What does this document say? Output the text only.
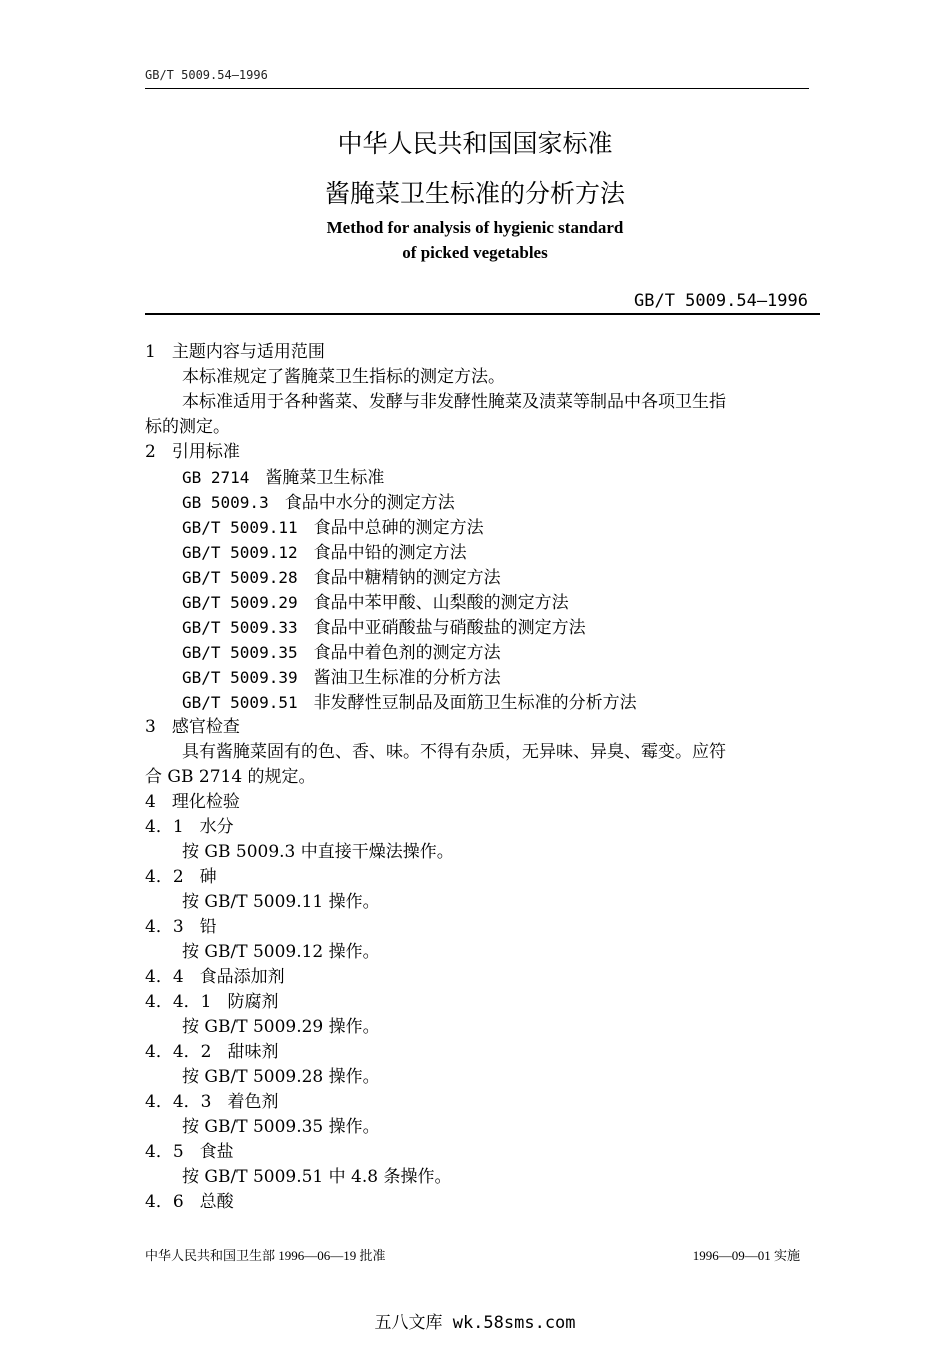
GB/T 5009.54—1996
中华人民共和国国家标准
酱腌菜卫生标准的分析方法
Method for analysis of hygienic standard
of picked vegetables
GB/T 5009.54—1996
1 主题内容与适用范围
本标准规定了酱腌菜卫生指标的测定方法。
本标准适用于各种酱菜、发酵与非发酵性腌菜及渍菜等制品中各项卫生指
标的测定。
2 引用标准
GB 2714 酱腌菜卫生标准
GB 5009.3 食品中水分的测定方法
GB/T 5009.11 食品中总砷的测定方法
GB/T 5009.12 食品中铅的测定方法
GB/T 5009.28 食品中糖精钠的测定方法
GB/T 5009.29 食品中苯甲酸、山梨酸的测定方法
GB/T 5009.33 食品中亚硝酸盐与硝酸盐的测定方法
GB/T 5009.35 食品中着色剂的测定方法
GB/T 5009.39 酱油卫生标准的分析方法
GB/T 5009.51 非发酵性豆制品及面筋卫生标准的分析方法
3 感官检查
具有酱腌菜固有的色、香、味。不得有杂质，无异味、异臭、霉变。应符
合 GB 2714 的规定。
4 理化检验
4．1 水分
按 GB 5009.3 中直接干燥法操作。
4．2 砷
按 GB/T 5009.11 操作。
4．3 铅
按 GB/T 5009.12 操作。
4．4 食品添加剂
4．4．1 防腐剂
按 GB/T 5009.29 操作。
4．4．2 甜味剂
按 GB/T 5009.28 操作。
4．4．3 着色剂
按 GB/T 5009.35 操作。
4．5 食盐
按 GB/T 5009.51 中 4.8 条操作。
4．6 总酸
中华人民共和国卫生部 1996—06—19 批准	1996—09—01 实施
五八文库 wk.58sms.com
